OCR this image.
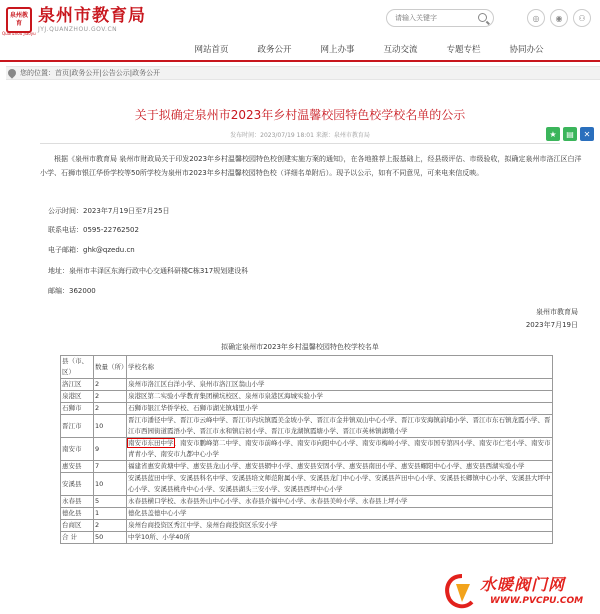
泉州教育 泉州市教育局
JYJ.QUANZHOU.GOV.CN
Quanzhou Jiaoyu
请输入关键字
◎	◉	⚇
网站首页	政务公开	网上办事	互动交流	专题专栏	协同办公
您的位置： 首页 | 政务公开 | 公告公示 | 政务公开
关于拟确定泉州市2023年乡村温馨校园特色校学校名单的公示
发布时间：2023/07/19 18:01 来源：泉州市教育局	★	▤	✕
根据《泉州市教育局 泉州市财政局关于印发2023年乡村温馨校园特色校创建实施方案的通知》，在各地推荐上报基础上，经县级评估、市级验收，拟确定泉州市洛江区白洋小学、石狮市银江华侨学校等50所学校为泉州市2023年乡村温馨校园特色校（详细名单附后）。现予以公示，如有不同意见，可来电来信反映。
公示时间：2023年7月19日至7月25日
联系电话：0595-22762502
电子邮箱：ghk@qzedu.cn
地址：泉州市丰泽区东海行政中心交通科研楼C栋317规划建设科
邮编：362000
泉州市教育局
2023年7月19日
拟确定泉州市2023年乡村温馨校园特色校学校名单
县（市、区）	数量（所）	学校名称
洛江区	2	泉州市洛江区白洋小学、泉州市洛江区翁山小学
泉港区	2	泉港区第二实验小学教育集团横坑校区、泉州市泉港区海城实验小学
石狮市	2	石狮市银江华侨学校、石狮市湖光镇埔里小学
晋江市	10	晋江市潘径中学、晋江市云峰中学、晋江市内坑镇霞美金坡小学、晋江市金井镇双山中心小学、晋江市安海镇前埔小学、晋江市东石镇龙霞小学、晋江市西园街道霞浯小学、晋江市永和镇启初小学、晋江市龙湖镇霞塘小学、晋江市英林镇湖墩小学
南安市	9	南安市东田中学、南安市鹏峰第二中学、南安市前峰小学、南安市向阳中心小学、南安市梅岭小学、南安市国专第四小学、南安市仁宅小学、南安市青青小学、南安市九都中心小学
惠安县	7	福建省惠安黄塘中学、惠安县龙山小学、惠安县辋中小学、惠安县安固小学、惠安县南田小学、惠安县螺阳中心小学、惠安县西湖实验小学
安溪县	10	安溪县蓝田中学、安溪县科名中学、安溪县培文师范附属小学、安溪县龙门中心小学、安溪县芦田中心小学、安溪县长卿镇中心小学、安溪县大坪中心小学、安溪县桃舟中心小学、安溪县湖头三安小学、安溪县西坪中心小学
永春县	5	永春县横口学校、永春县外山中心小学、永春县介福中心小学、永春县美岭小学、永春县上坪小学
德化县	1	德化县盖德中心小学
台商区	2	泉州台商投资区秀江中学、泉州台商投资区乐安小学
合 计	50	中学10所、小学40所
水暖阀门网
WWW.PVCPU.COM
